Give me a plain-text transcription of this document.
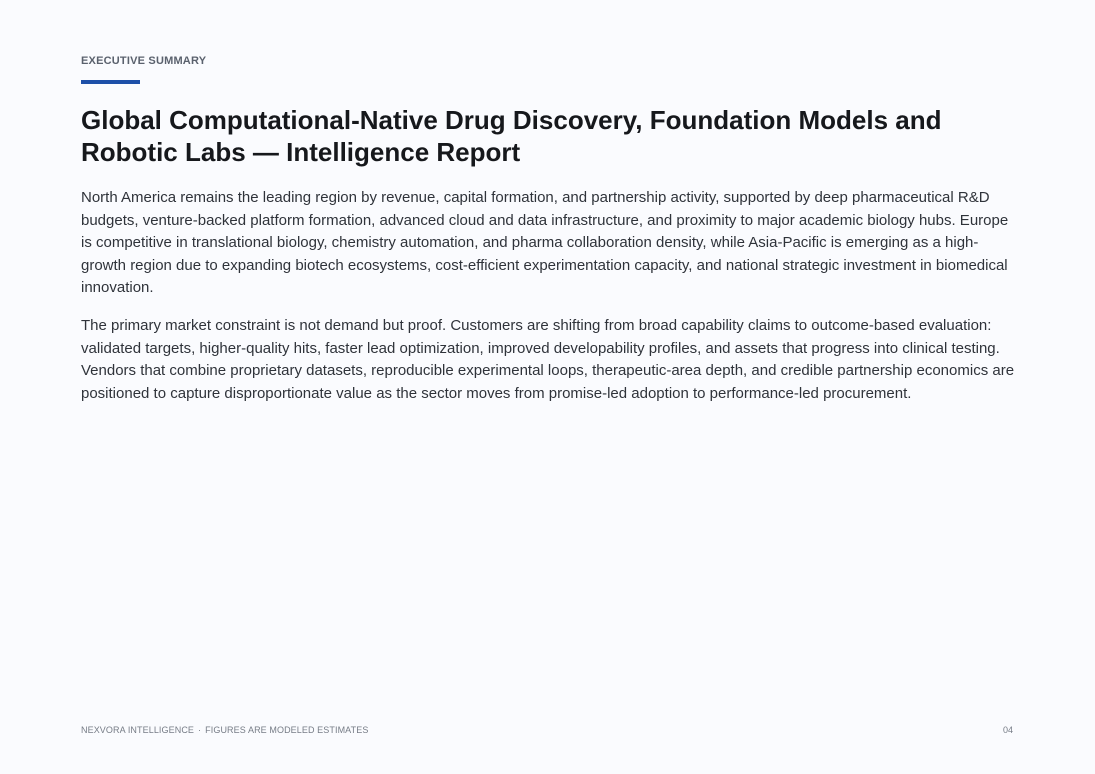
EXECUTIVE SUMMARY
Global Computational-Native Drug Discovery, Foundation Models and Robotic Labs — Intelligence Report

North America remains the leading region by revenue, capital formation, and partnership activity, supported by deep pharmaceutical R&D budgets, venture-backed platform formation, advanced cloud and data infrastructure, and proximity to major academic biology hubs. Europe is competitive in translational biology, chemistry automation, and pharma collaboration density, while Asia-Pacific is emerging as a high-growth region due to expanding biotech ecosystems, cost-efficient experimentation capacity, and national strategic investment in biomedical innovation.

The primary market constraint is not demand but proof. Customers are shifting from broad capability claims to outcome-based evaluation: validated targets, higher-quality hits, faster lead optimization, improved developability profiles, and assets that progress into clinical testing. Vendors that combine proprietary datasets, reproducible experimental loops, therapeutic-area depth, and credible partnership economics are positioned to capture disproportionate value as the sector moves from promise-led adoption to performance-led procurement.

NEXVORA INTELLIGENCE · FIGURES ARE MODELED ESTIMATES	04
